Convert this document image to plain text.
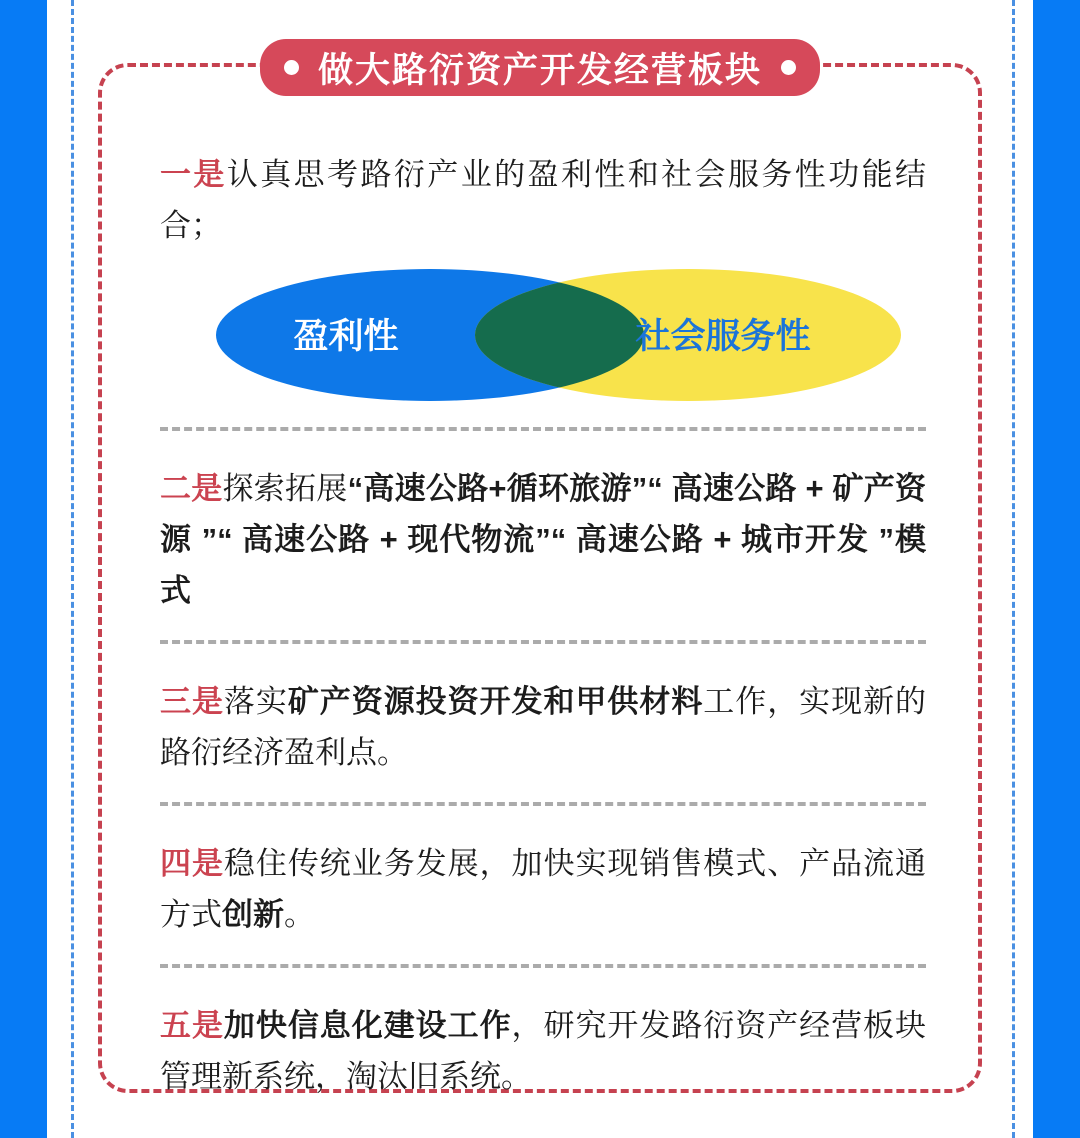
做大路衍资产开发经营板块

一是认真思考路衍产业的盈利性和社会服务性功能结合；

盈利性	社会服务性

二是探索拓展“高速公路+循环旅游”“ 高速公路 + 矿产资源 ”“ 高速公路 + 现代物流”“ 高速公路 + 城市开发 ”模式

三是落实矿产资源投资开发和甲供材料工作，实现新的路衍经济盈利点。

四是稳住传统业务发展，加快实现销售模式、产品流通方式创新。

五是加快信息化建设工作，研究开发路衍资产经营板块管理新系统，淘汰旧系统。
